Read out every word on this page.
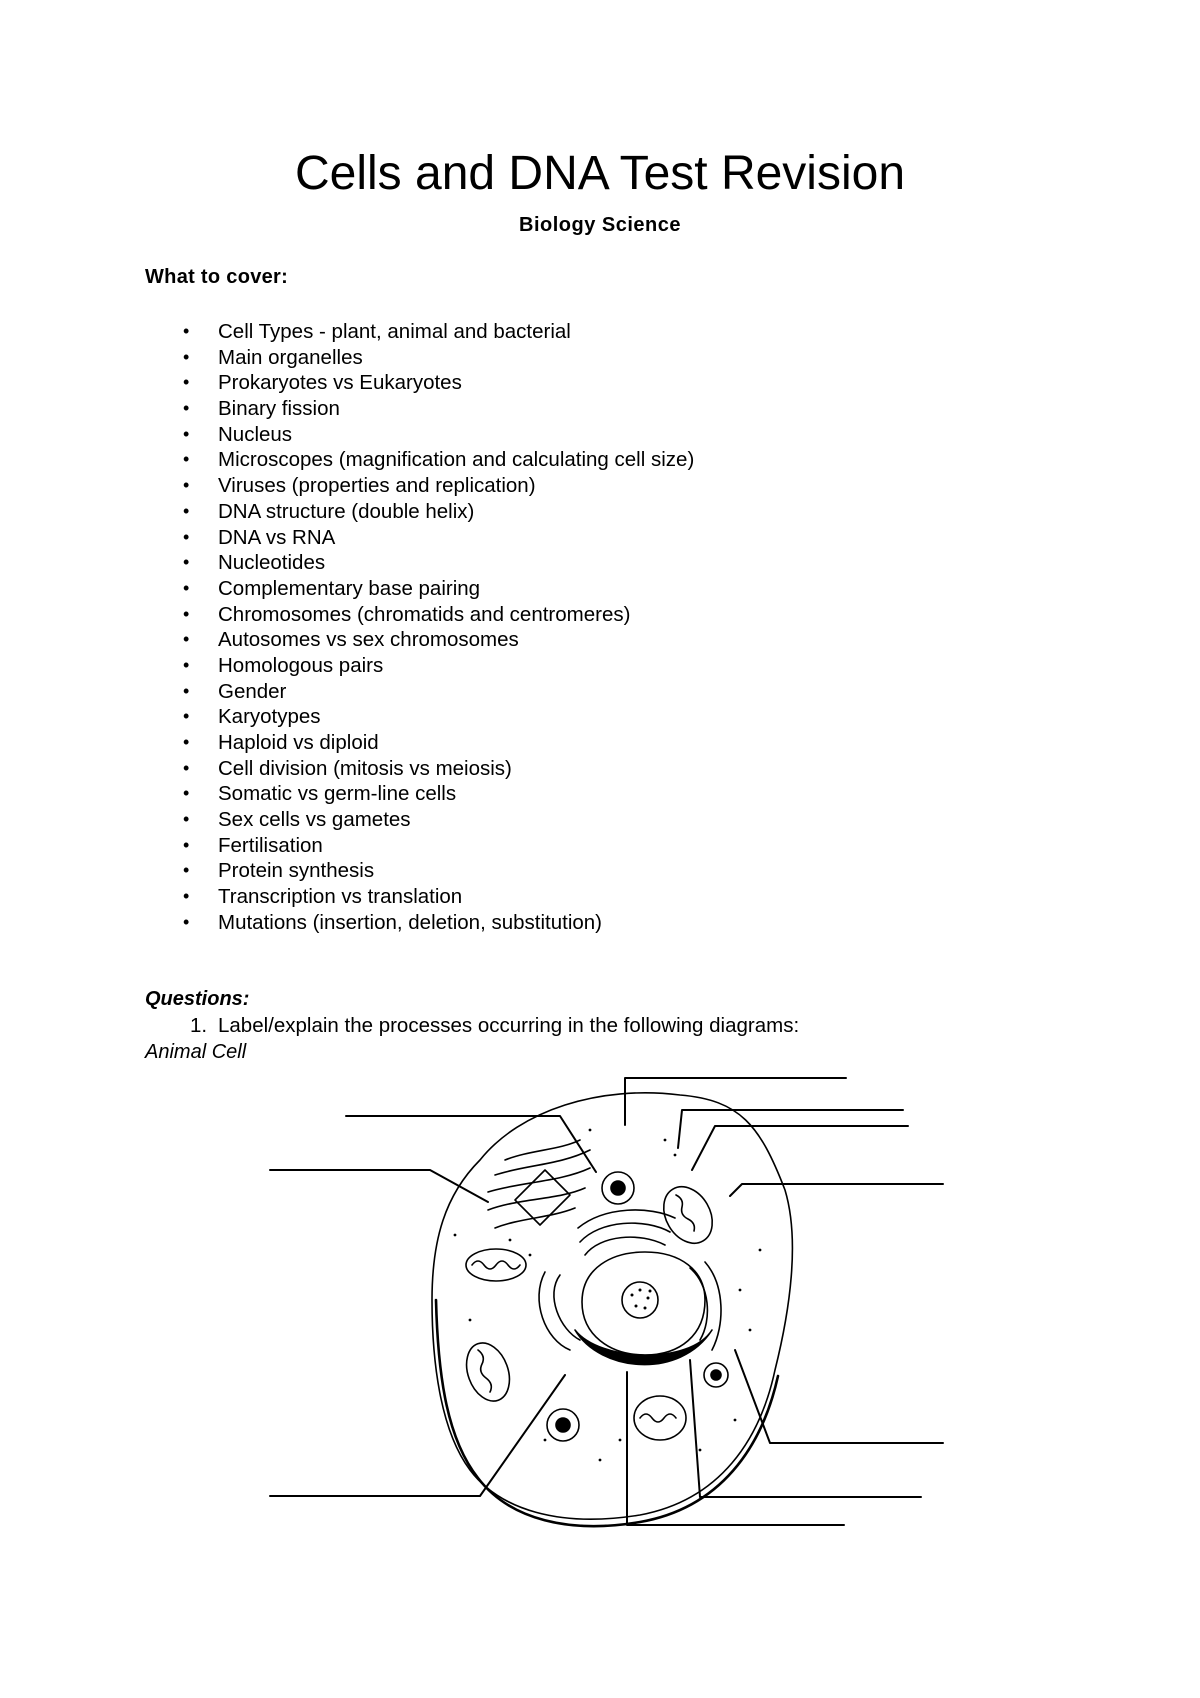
Cells and DNA Test Revision
Biology Science
What to cover:
• Cell Types - plant, animal and bacterial
• Main organelles
• Prokaryotes vs Eukaryotes
• Binary fission
• Nucleus
• Microscopes (magnification and calculating cell size)
• Viruses (properties and replication)
• DNA structure (double helix)
• DNA vs RNA
• Nucleotides
• Complementary base pairing
• Chromosomes (chromatids and centromeres)
• Autosomes vs sex chromosomes
• Homologous pairs
• Gender
• Karyotypes
• Haploid vs diploid
• Cell division (mitosis vs meiosis)
• Somatic vs germ-line cells
• Sex cells vs gametes
• Fertilisation
• Protein synthesis
• Transcription vs translation
• Mutations (insertion, deletion, substitution)
Questions:
1. Label/explain the processes occurring in the following diagrams:
Animal Cell
